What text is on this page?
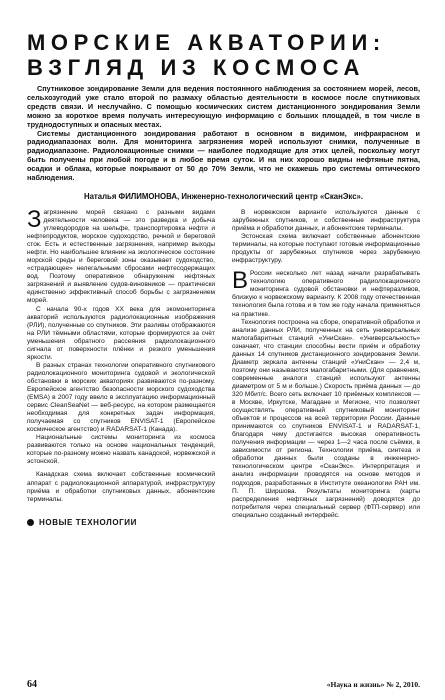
МОРСКИЕ АКВАТОРИИ:
ВЗГЛЯД ИЗ КОСМОСА

Спутниковое зондирование Земли для ведения постоянного наблюдения за состоянием морей, лесов, сельхозугодий уже стало второй по размаху областью деятельности в космосе после спутниковых средств связи. И неслучайно. С помощью космических систем дистанционного зондирования Земли можно за короткое время получать интересующую информацию с больших площадей, в том числе в труднодоступных и опасных местах.

Системы дистанционного зондирования работают в основном в видимом, инфракрасном и радиодиапазонах волн. Для мониторинга загрязнения морей используют снимки, полученные в радиодиапазоне. Радиолокационные снимки — наиболее подходящие для этих целей, поскольку могут быть получены при любой погоде и в любое время суток. И на них хорошо видны нефтяные пятна, осадки и облака, которые покрывают от 50 до 70% Земли, что не скажешь про системы оптического наблюдения.

Наталья ФИЛИМОНОВА, Инженерно-технологический центр «СканЭкс».

Загрязнение морей связано с разными видами деятельности человека — это разведка и добыча углеводородов на шельфе, транспортировка нефти и нефтепродуктов, морское судоходство, речной и береговой сток. Есть и естественные загрязнения, например выходы нефти. Но наибольшее влияние на экологическое состояние морской среды и береговой зоны оказывает судоходство, «страдающее» нелегальными сбросами нефтесодержащих вод. Поэтому оперативное обнаружение нефтяных загрязнений и выявление судов-виновников — практически единственно эффективный способ борьбы с загрязнением морей.

С начала 90-х годов XX века для экомониторинга акваторий используются радиолокационные изображения (РЛИ), полученные со спутников. Эти разливы отображаются на РЛИ тёмными областями, которые формируются за счёт уменьшения обратного рассеяния радиолокационного сигнала от поверхности плёнки и резкого уменьшения яркости.

В разных странах технологии оперативного спутникового радиолокационного мониторинга судовой и экологической обстановки в морских акваториях развиваются по-разному. Европейское агентство безопасности морского судоходства (EMSA) в 2007 году ввело в эксплуатацию информационный сервис CleanSeaNet — веб-ресурс, на котором размещается необходимая для конкретных задач информация, получаемая со спутников ENVISAT-1 (Европейское космическое агентство) и RADARSAT-1 (Канада).

Национальные системы мониторинга из космоса развиваются только на основе национальных тенденций, которые по-разному можно назвать канадской, норвежской и эстонской.

Канадская схема включает собственные космический аппарат с радиолокационной аппаратурой, инфраструктуру приёма и обработки спутниковых данных, абонентские терминалы.

НОВЫЕ ТЕХНОЛОГИИ

В норвежском варианте используются данные с зарубежных спутников, и собственные инфраструктура приёма и обработки данных, и абонентские терминалы.

Эстонская схема включает собственные абонентские терминалы, на которые поступают готовые информационные продукты от зарубежных спутников через зарубежную инфраструктуру.

В России несколько лет назад начали разрабатывать технологию оперативного радиолокационного мониторинга судовой обстановки и нефтеразливов, близкую к норвежскому варианту. К 2008 году отечественная технология была готова и в том же году начала применяться на практике.

Технология построена на сборе, оперативной обработке и анализе данных РЛИ, полученных на сеть универсальных малогабаритных станций «УниСкан». «Универсальность» означает, что станции способны вести приём и обработку данных 14 спутников дистанционного зондирования Земли. Диаметр зеркала антенны станций «УниСкан» — 2,4 м, поэтому они называются малогабаритными. (Для сравнения, современные аналоги станций используют антенны диаметром от 5 м и больше.) Скорость приёма данных — до 320 Мбит/с. Всего сеть включает 10 приёмных комплексов — в Москве, Иркутске, Магадане и Мегионе, что позволяет осуществлять оперативный спутниковый мониторинг объектов и процессов на всей территории России. Данные принимаются со спутников ENVISAT-1 и RADARSAT-1, благодаря чему достигается высокая оперативность получения информации — через 1—2 часа после съёмки, в зависимости от региона. Технологии приёма, синтеза и обработки данных были созданы в инженерно-технологическом центре «СканЭкс». Интерпретация и анализ информации проводятся на основе методов и подходов, разработанных в Институте океанологии РАН им. П. П. Ширшова. Результаты мониторинга (карты распределения нефтяных загрязнений) доводятся до потребителя через специальный сервер (ФТП-сервер) или специально созданный интерфейс.

64	«Наука и жизнь» № 2, 2010.
